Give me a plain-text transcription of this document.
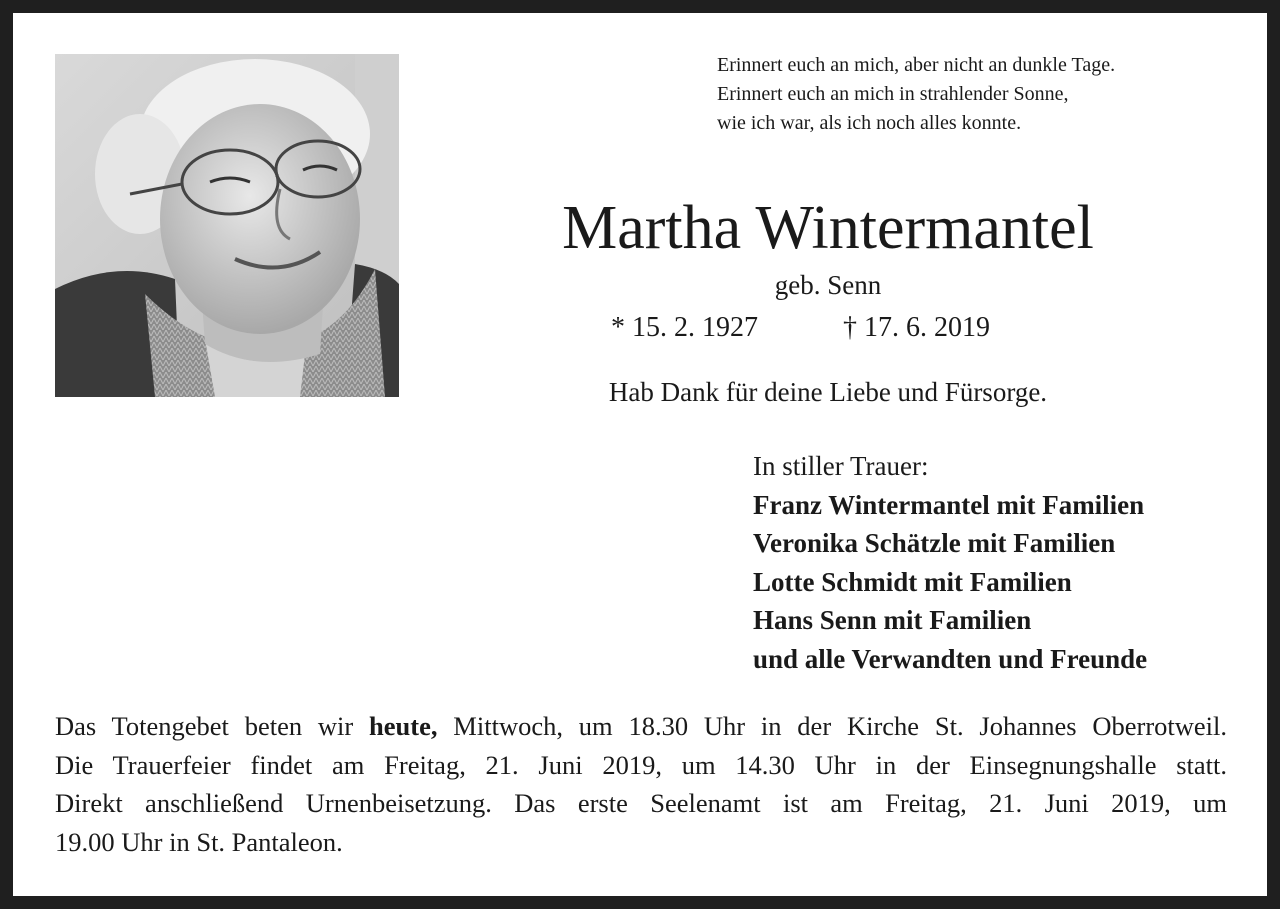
Erinnert euch an mich, aber nicht an dunkle Tage.
Erinnert euch an mich in strahlender Sonne,
wie ich war, als ich noch alles konnte.
Martha Wintermantel
geb. Senn
* 15. 2. 1927	† 17. 6. 2019
Hab Dank für deine Liebe und Fürsorge.
In stiller Trauer:
Franz Wintermantel mit Familien
Veronika Schätzle mit Familien
Lotte Schmidt mit Familien
Hans Senn mit Familien
und alle Verwandten und Freunde
Das Totengebet beten wir heute, Mittwoch, um 18.30 Uhr in der Kirche St. Johannes Oberrotweil.
Die Trauerfeier findet am Freitag, 21. Juni 2019, um 14.30 Uhr in der Einsegnungshalle statt.
Direkt anschließend Urnenbeisetzung. Das erste Seelenamt ist am Freitag, 21. Juni 2019, um
19.00 Uhr in St. Pantaleon.
